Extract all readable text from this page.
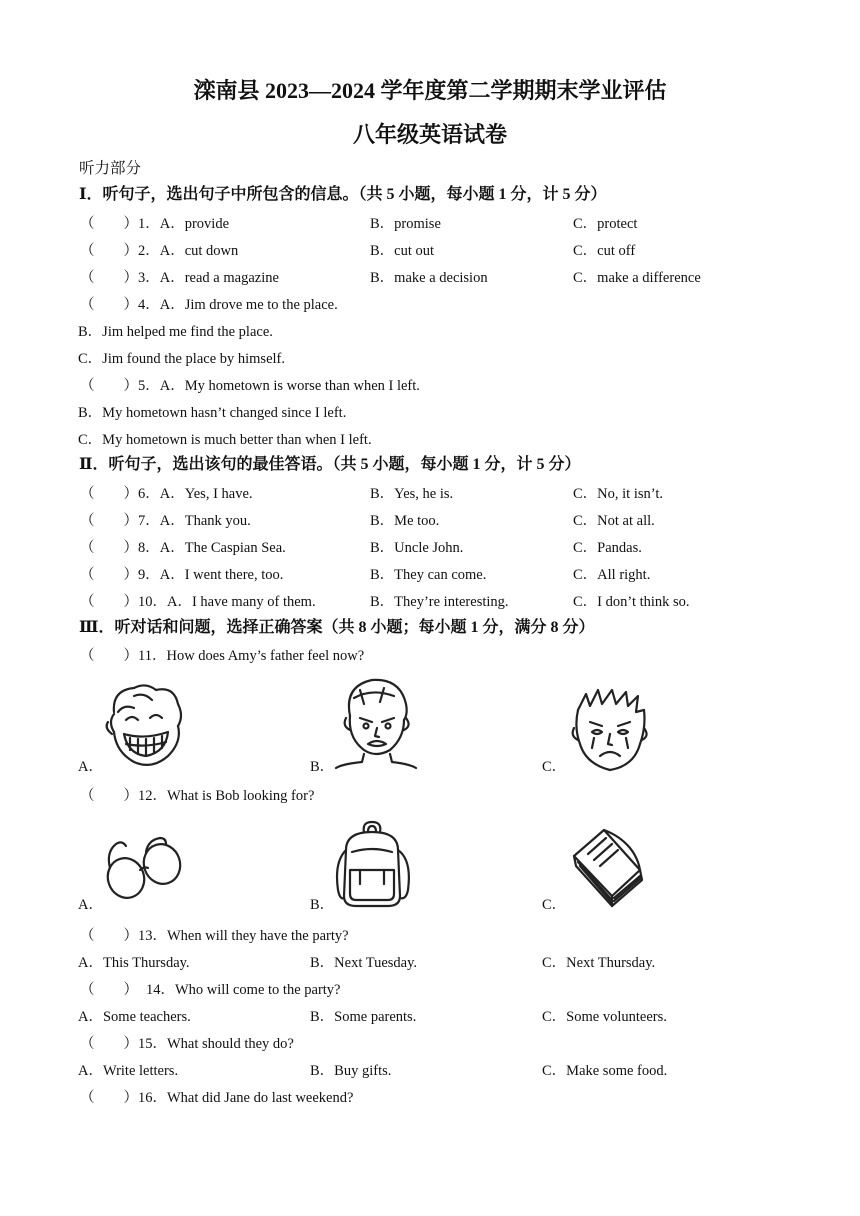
滦南县 2023—2024 学年度第二学期期末学业评估
八年级英语试卷
听力部分
Ⅰ．听句子，选出句子中所包含的信息。（共 5 小题，每小题 1 分，计 5 分）
（　　）1．A．provide	B．promise	C．protect
（　　）2．A．cut down	B．cut out	C．cut off
（　　）3．A．read a magazine	B．make a decision	C．make a difference
（　　）4．A．Jim drove me to the place.
B．Jim helped me find the place.
C．Jim found the place by himself.
（　　）5．A．My hometown is worse than when I left.
B．My hometown hasn’t changed since I left.
C．My hometown is much better than when I left.
Ⅱ．听句子，选出该句的最佳答语。（共 5 小题，每小题 1 分，计 5 分）
（　　）6．A．Yes, I have.	B．Yes, he is.	C．No, it isn’t.
（　　）7．A．Thank you.	B．Me too.	C．Not at all.
（　　）8．A．The Caspian Sea.	B．Uncle John.	C．Pandas.
（　　）9．A．I went there, too.	B．They can come.	C．All right.
（　　）10．A．I have many of them.	B．They’re interesting.	C．I don’t think so.
Ⅲ．听对话和问题，选择正确答案（共 8 小题；每小题 1 分，满分 8 分）
（　　）11．How does Amy’s father feel now?
A．	B．	C．
（　　）12．What is Bob looking for?
A．	B．	C．
（　　）13．When will they have the party?
A．This Thursday.	B．Next Tuesday.	C．Next Thursday.
（　　） 14．Who will come to the party?
A．Some teachers.	B．Some parents.	C．Some volunteers.
（　　）15．What should they do?
A．Write letters.	B．Buy gifts.	C．Make some food.
（　　）16．What did Jane do last weekend?
